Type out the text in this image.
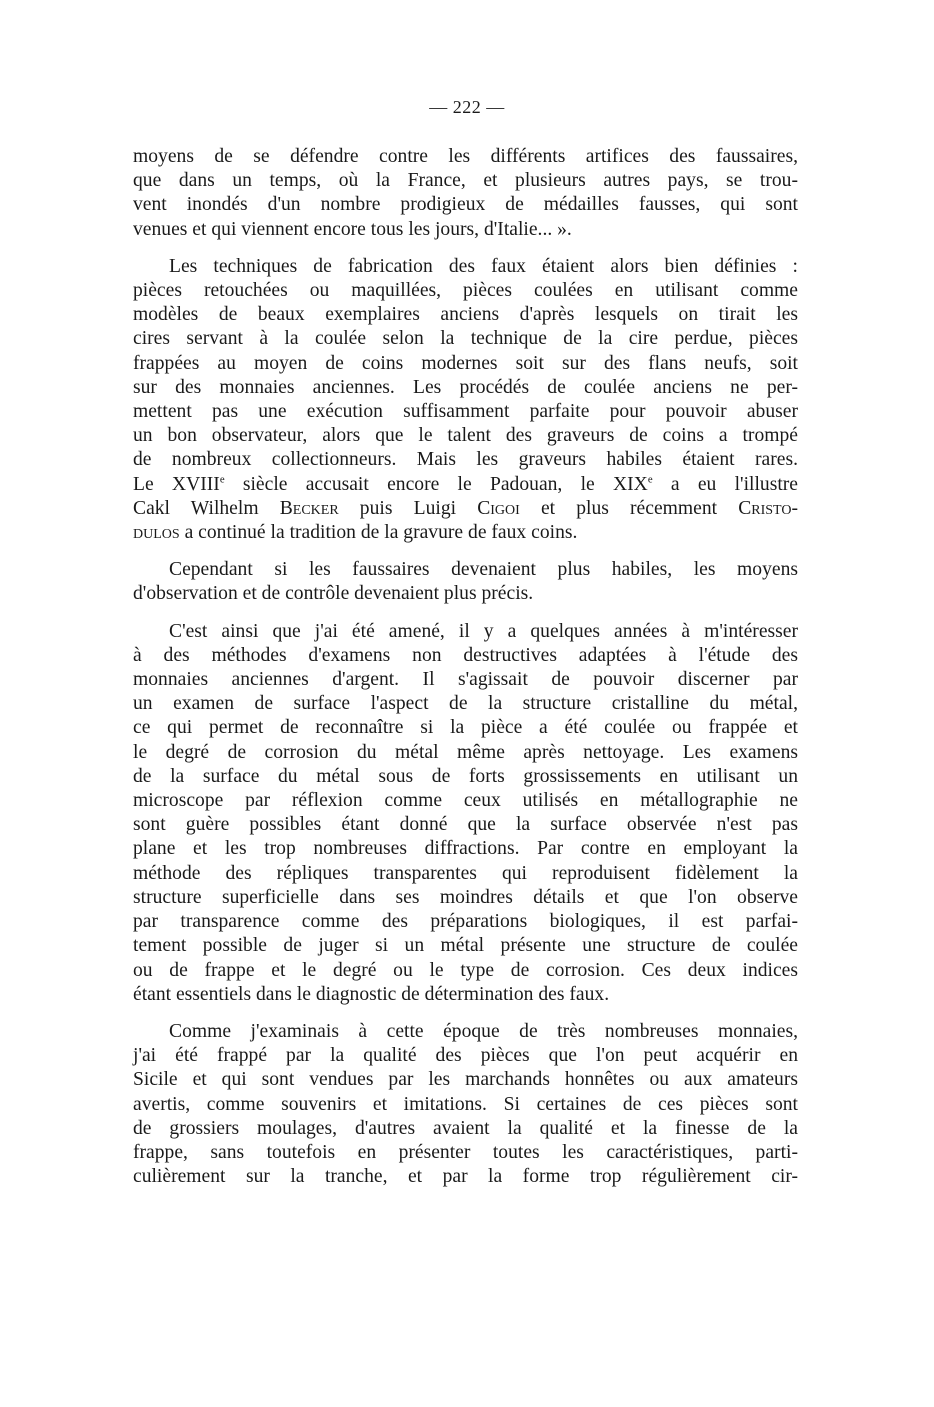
— 222 —

moyens de se défendre contre les différents artifices des faussaires,

que dans un temps, où la France, et plusieurs autres pays, se trou-

vent inondés d'un nombre prodigieux de médailles fausses, qui sont

venues et qui viennent encore tous les jours, d'Italie... ».

Les techniques de fabrication des faux étaient alors bien définies :

pièces retouchées ou maquillées, pièces coulées en utilisant comme

modèles de beaux exemplaires anciens d'après lesquels on tirait les

cires servant à la coulée selon la technique de la cire perdue, pièces

frappées au moyen de coins modernes soit sur des flans neufs, soit

sur des monnaies anciennes. Les procédés de coulée anciens ne per-

mettent pas une exécution suffisamment parfaite pour pouvoir abuser

un bon observateur, alors que le talent des graveurs de coins a trompé

de nombreux collectionneurs. Mais les graveurs habiles étaient rares.

Le XVIIIe siècle accusait encore le Padouan, le XIXe a eu l'illustre

Cakl Wilhelm Becker puis Luigi Cigoi et plus récemment Cristo-

dulos a continué la tradition de la gravure de faux coins.

Cependant si les faussaires devenaient plus habiles, les moyens

d'observation et de contrôle devenaient plus précis.

C'est ainsi que j'ai été amené, il y a quelques années à m'intéresser

à des méthodes d'examens non destructives adaptées à l'étude des

monnaies anciennes d'argent. Il s'agissait de pouvoir discerner par

un examen de surface l'aspect de la structure cristalline du métal,

ce qui permet de reconnaître si la pièce a été coulée ou frappée et

le degré de corrosion du métal même après nettoyage. Les examens

de la surface du métal sous de forts grossissements en utilisant un

microscope par réflexion comme ceux utilisés en métallographie ne

sont guère possibles étant donné que la surface observée n'est pas

plane et les trop nombreuses diffractions. Par contre en employant la

méthode des répliques transparentes qui reproduisent fidèlement la

structure superficielle dans ses moindres détails et que l'on observe

par transparence comme des préparations biologiques, il est parfai-

tement possible de juger si un métal présente une structure de coulée

ou de frappe et le degré ou le type de corrosion. Ces deux indices

étant essentiels dans le diagnostic de détermination des faux.

Comme j'examinais à cette époque de très nombreuses monnaies,

j'ai été frappé par la qualité des pièces que l'on peut acquérir en

Sicile et qui sont vendues par les marchands honnêtes ou aux amateurs

avertis, comme souvenirs et imitations. Si certaines de ces pièces sont

de grossiers moulages, d'autres avaient la qualité et la finesse de la

frappe, sans toutefois en présenter toutes les caractéristiques, parti-

culièrement sur la tranche, et par la forme trop régulièrement cir-
